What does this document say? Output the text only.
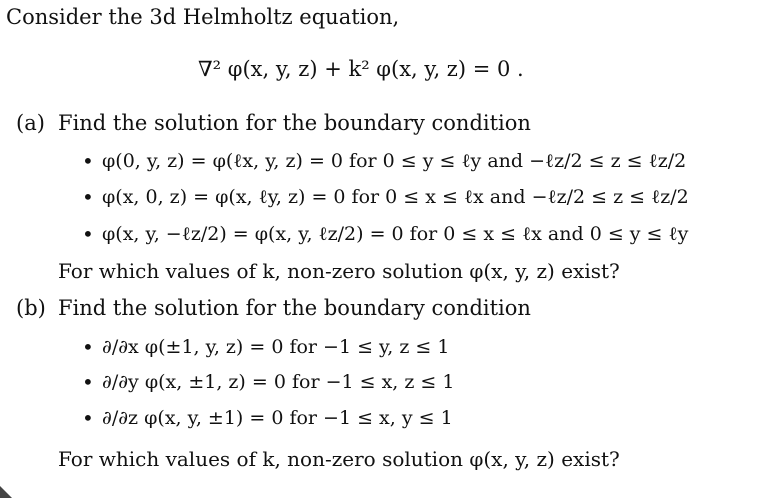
Consider the 3d Helmholtz equation,
∇² φ(x, y, z) + k² φ(x, y, z) = 0 .
(a) Find the solution for the boundary condition
• φ(0, y, z) = φ(ℓx, y, z) = 0 for 0 ≤ y ≤ ℓy and −ℓz/2 ≤ z ≤ ℓz/2
• φ(x, 0, z) = φ(x, ℓy, z) = 0 for 0 ≤ x ≤ ℓx and −ℓz/2 ≤ z ≤ ℓz/2
• φ(x, y, −ℓz/2) = φ(x, y, ℓz/2) = 0 for 0 ≤ x ≤ ℓx and 0 ≤ y ≤ ℓy
For which values of k, non-zero solution φ(x, y, z) exist?
(b) Find the solution for the boundary condition
• ∂/∂x φ(±1, y, z) = 0 for −1 ≤ y, z ≤ 1
• ∂/∂y φ(x, ±1, z) = 0 for −1 ≤ x, z ≤ 1
• ∂/∂z φ(x, y, ±1) = 0 for −1 ≤ x, y ≤ 1
For which values of k, non-zero solution φ(x, y, z) exist?
